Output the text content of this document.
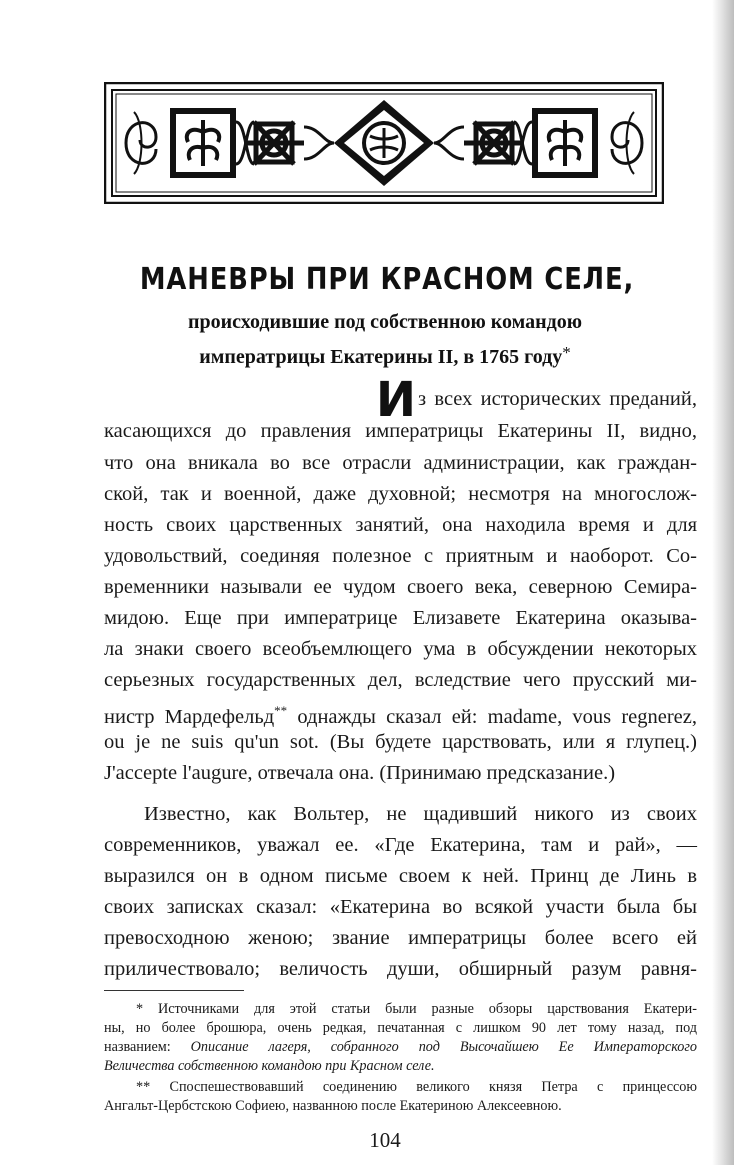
МАНЕВРЫ ПРИ КРАСНОМ СЕЛЕ,
происходившие под собственною командою
императрицы Екатерины II, в 1765 году*
И з всех исторических преданий,
касающихся до правления императрицы Екатерины II, видно,
что она вникала во все отрасли администрации, как граждан-
ской, так и военной, даже духовной; несмотря на многослож-
ность своих царственных занятий, она находила время и для
удовольствий, соединяя полезное с приятным и наоборот. Со-
временники называли ее чудом своего века, северною Семира-
мидою. Еще при императрице Елизавете Екатерина оказыва-
ла знаки своего всеобъемлющего ума в обсуждении некоторых
серьезных государственных дел, вследствие чего прусский ми-
нистр Мардефельд** однажды сказал ей: madame, vous regnerez,
ou je ne suis qu'un sot. (Вы будете царствовать, или я глупец.)
J'accepte l'augure, отвечала она. (Принимаю предсказание.)
Известно, как Вольтер, не щадивший никого из своих
современников, уважал ее. «Где Екатерина, там и рай», —
выразился он в одном письме своем к ней. Принц де Линь в
своих записках сказал: «Екатерина во всякой участи была бы
превосходною женою; звание императрицы более всего ей
приличествовало; величость души, обширный разум равня-
* Источниками для этой статьи были разные обзоры царствования Екатери-
ны, но более брошюра, очень редкая, печатанная с лишком 90 лет тому назад, под
названием: Описание лагеря, собранного под Высочайшею Ее Императорского
Величества собственною командою при Красном селе.
** Споспешествовавший соединению великого князя Петра с принцессою
Ангальт-Цербстскою Софиею, названною после Екатериною Алексеевною.
104
